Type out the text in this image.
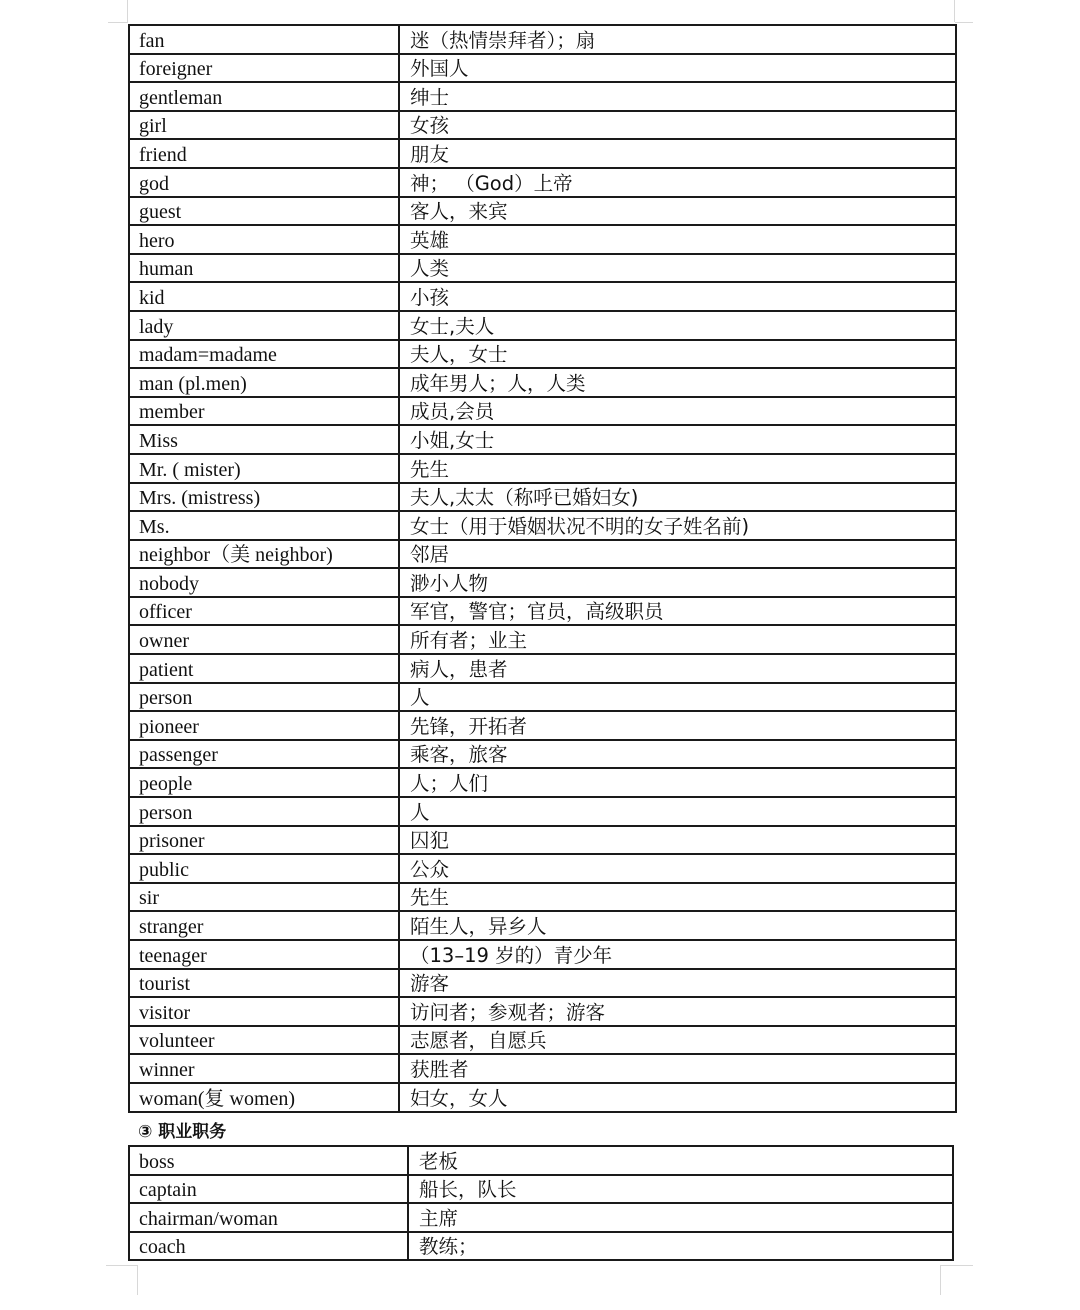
fan	迷（热情崇拜者）；扇
foreigner	外国人
gentleman	绅士
girl	女孩
friend	朋友
god	神； （God）上帝
guest	客人，来宾
hero	英雄
human	人类
kid	小孩
lady	女士,夫人
madam=madame	夫人，女士
man (pl.men)	成年男人；人，人类
member	成员,会员
Miss	小姐,女士
Mr. ( mister)	先生
Mrs. (mistress)	夫人,太太（称呼已婚妇女)
Ms.	女士（用于婚姻状况不明的女子姓名前)
neighbor（美 neighbor)	邻居
nobody	渺小人物
officer	军官，警官；官员，高级职员
owner	所有者；业主
patient	病人，患者
person	人
pioneer	先锋，开拓者
passenger	乘客，旅客
people	人；人们
person	人
prisoner	囚犯
public	公众
sir	先生
stranger	陌生人，异乡人
teenager	（13–19 岁的）青少年
tourist	游客
visitor	访问者；参观者；游客
volunteer	志愿者，自愿兵
winner	获胜者
woman(复 women)	妇女，女人
③ 职业职务
boss	老板
captain	船长，队长
chairman/woman	主席
coach	教练；
